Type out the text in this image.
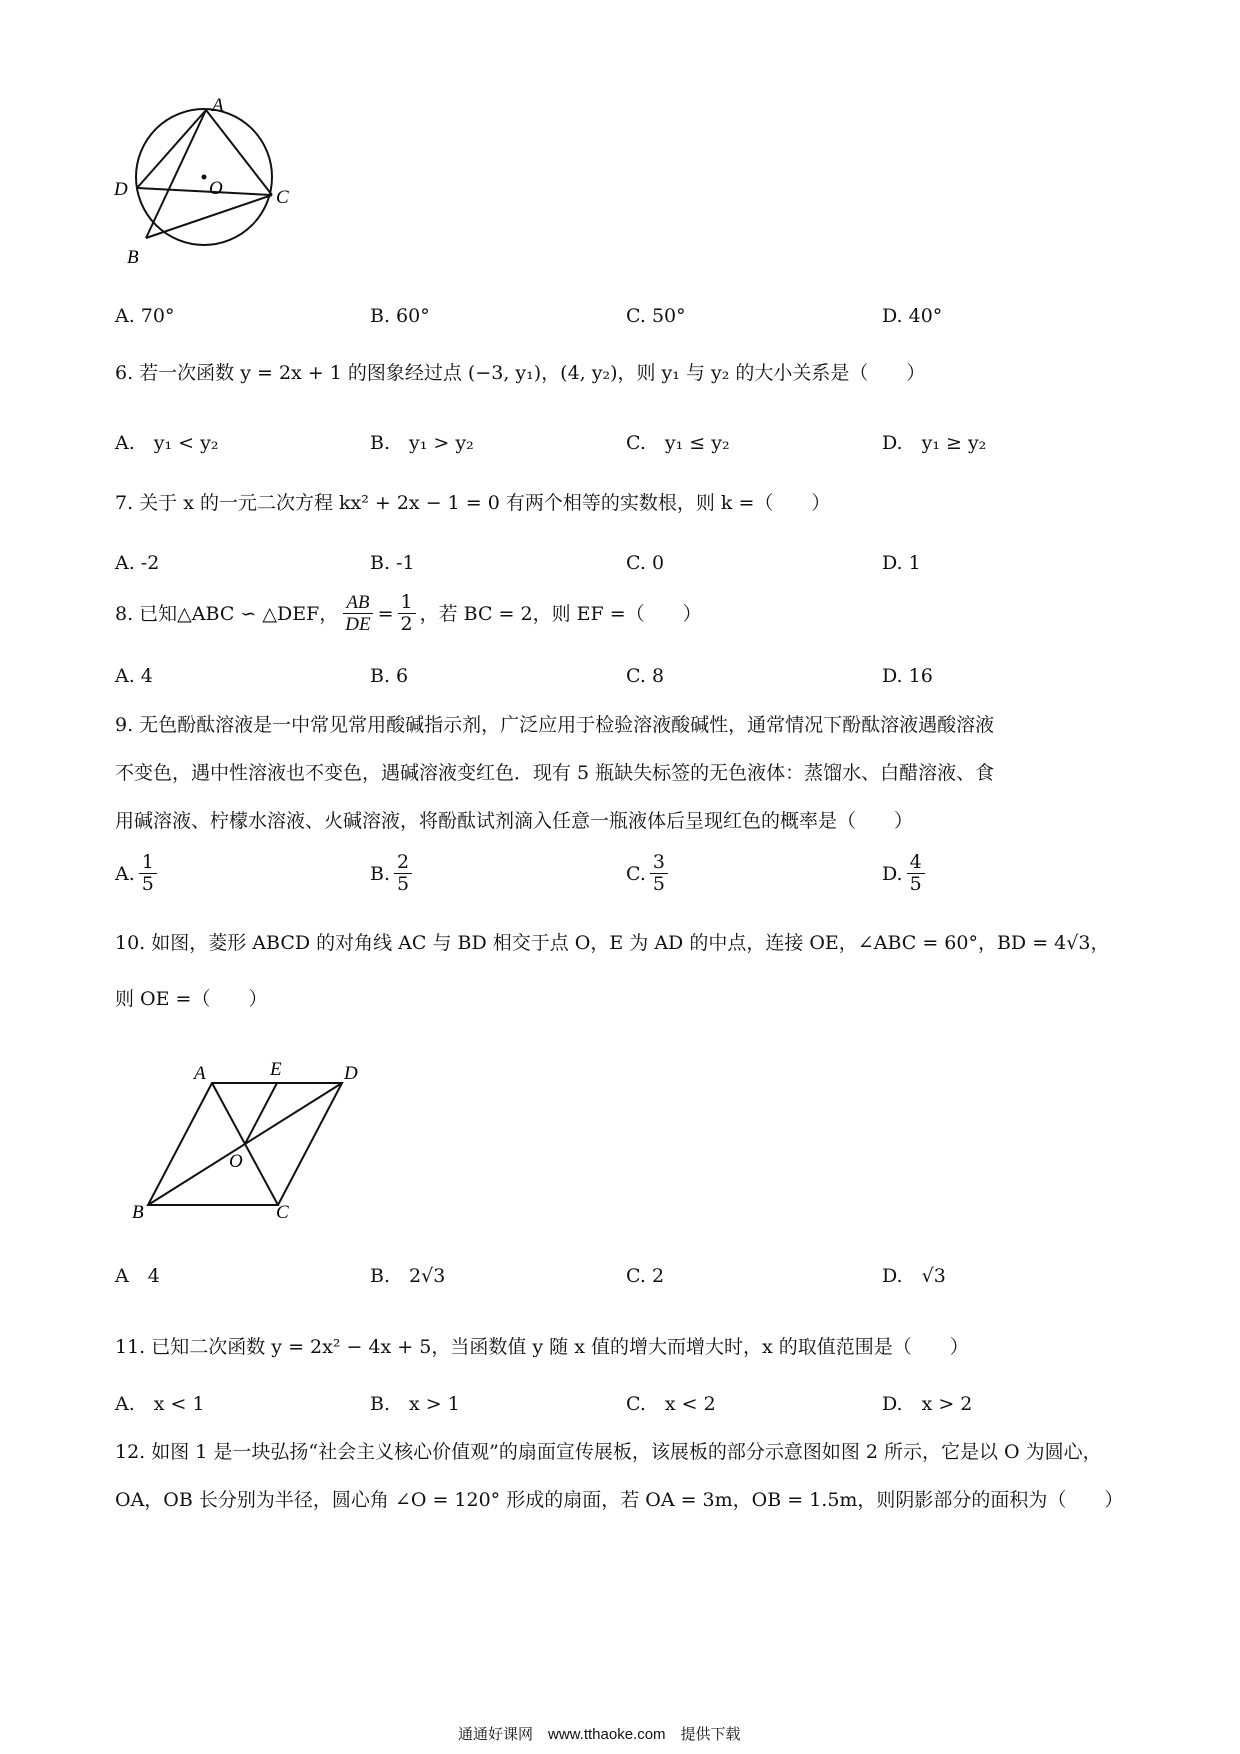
A
D	O	C
B
A. 70°	B. 60°	C. 50°	D. 40°
6. 若一次函数 y = 2x + 1 的图象经过点 (−3, y₁)，(4, y₂)，则 y₁ 与 y₂ 的大小关系是（　　）
A.　y₁ < y₂	B.　y₁ > y₂	C.　y₁ ≤ y₂	D.　y₁ ≥ y₂
7. 关于 x 的一元二次方程 kx² + 2x − 1 = 0 有两个相等的实数根，则 k =（　　）
A. -2	B. -1	C. 0	D. 1
8. 已知△ABC ∽ △DEF， $\frac{AB}{DE} = \frac{1}{2}$ ，若 BC = 2，则 EF =（　　）
A. 4	B. 6	C. 8	D. 16
9. 无色酚酞溶液是一中常见常用酸碱指示剂，广泛应用于检验溶液酸碱性，通常情况下酚酞溶液遇酸溶液
不变色，遇中性溶液也不变色，遇碱溶液变红色．现有 5 瓶缺失标签的无色液体：蒸馏水、白醋溶液、食
用碱溶液、柠檬水溶液、火碱溶液，将酚酞试剂滴入任意一瓶液体后呈现红色的概率是（　　）
A. $\frac{1}{5}$	B. $\frac{2}{5}$	C. $\frac{3}{5}$	D. $\frac{4}{5}$
10. 如图，菱形 ABCD 的对角线 AC 与 BD 相交于点 O，E 为 AD 的中点，连接 OE，∠ABC = 60°，BD = 4√3，
则 OE =（　　）
A	E	D
O
B	C
A　4	B.　2√3	C. 2	D.　√3
11. 已知二次函数 y = 2x² − 4x + 5，当函数值 y 随 x 值的增大而增大时，x 的取值范围是（　　）
A.　x < 1	B.　x > 1	C.　x < 2	D.　x > 2
12. 如图 1 是一块弘扬“社会主义核心价值观”的扇面宣传展板，该展板的部分示意图如图 2 所示，它是以 O 为圆心，OA，OB 长分别为半径，圆心角 ∠O = 120° 形成的扇面，若 OA = 3m，OB = 1.5m，则阴影部分的面积为（　　）
通通好课网　www.tthaoke.com　提供下载
